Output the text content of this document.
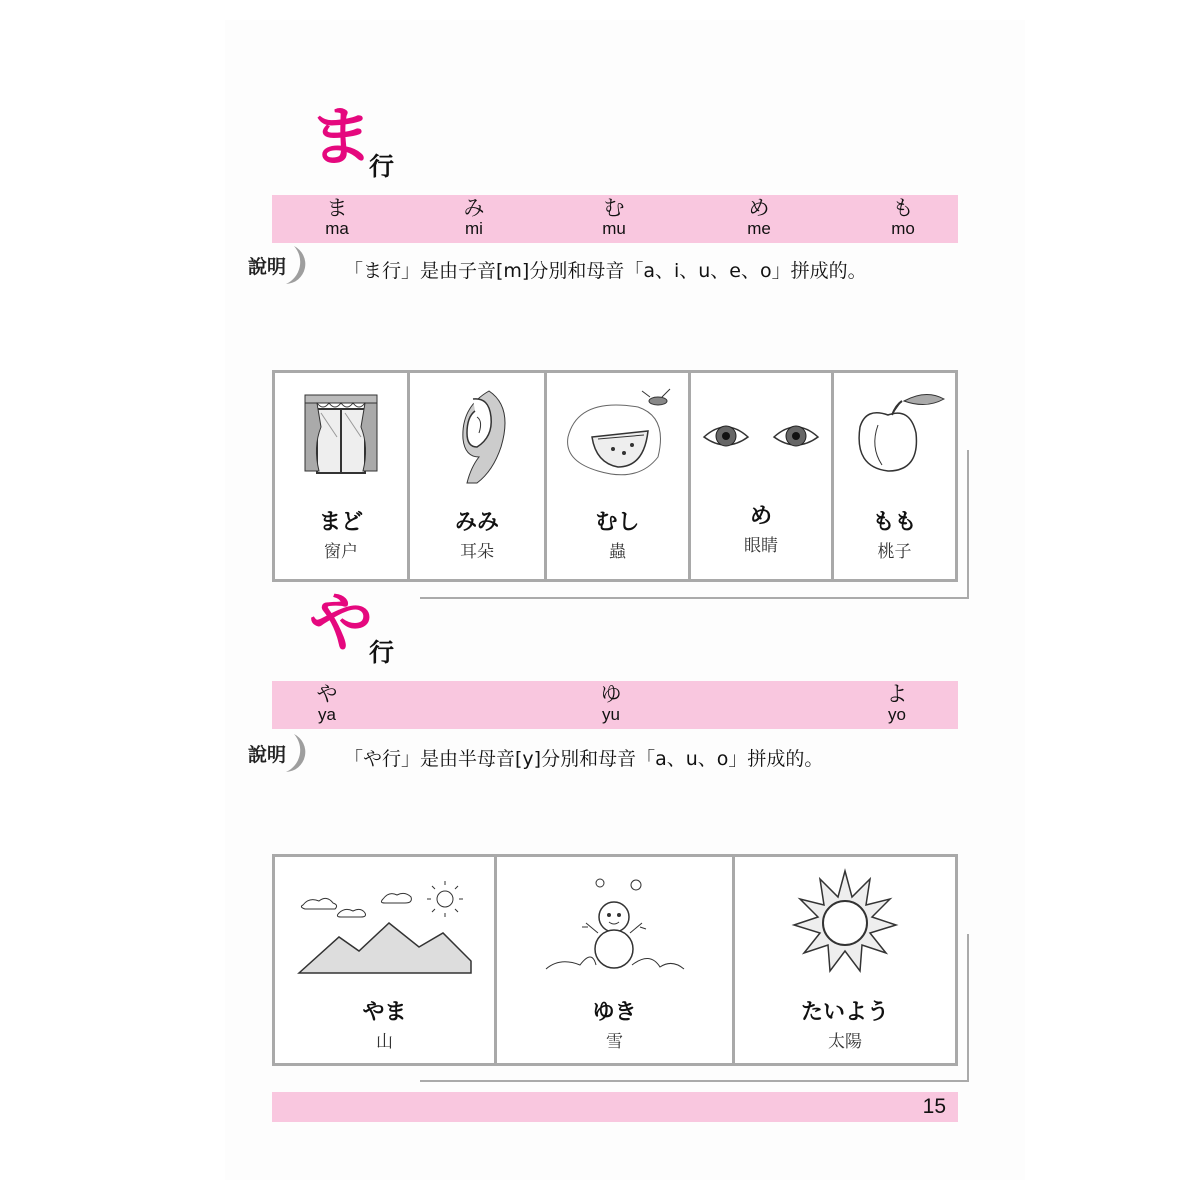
ま
行
ま
ma
み
mi
む
mu
め
me
も
mo
說明	「ま行」是由子音[m]分別和母音「a、i、u、e、o」拼成的。
まど
窗户
みみ
耳朵
むし
蟲
め
眼睛
もも
桃子
や
行
や
ya
ゆ
yu
よ
yo
說明	「や行」是由半母音[y]分別和母音「a、u、o」拼成的。
やま
山
ゆき
雪
たいよう
太陽
15
